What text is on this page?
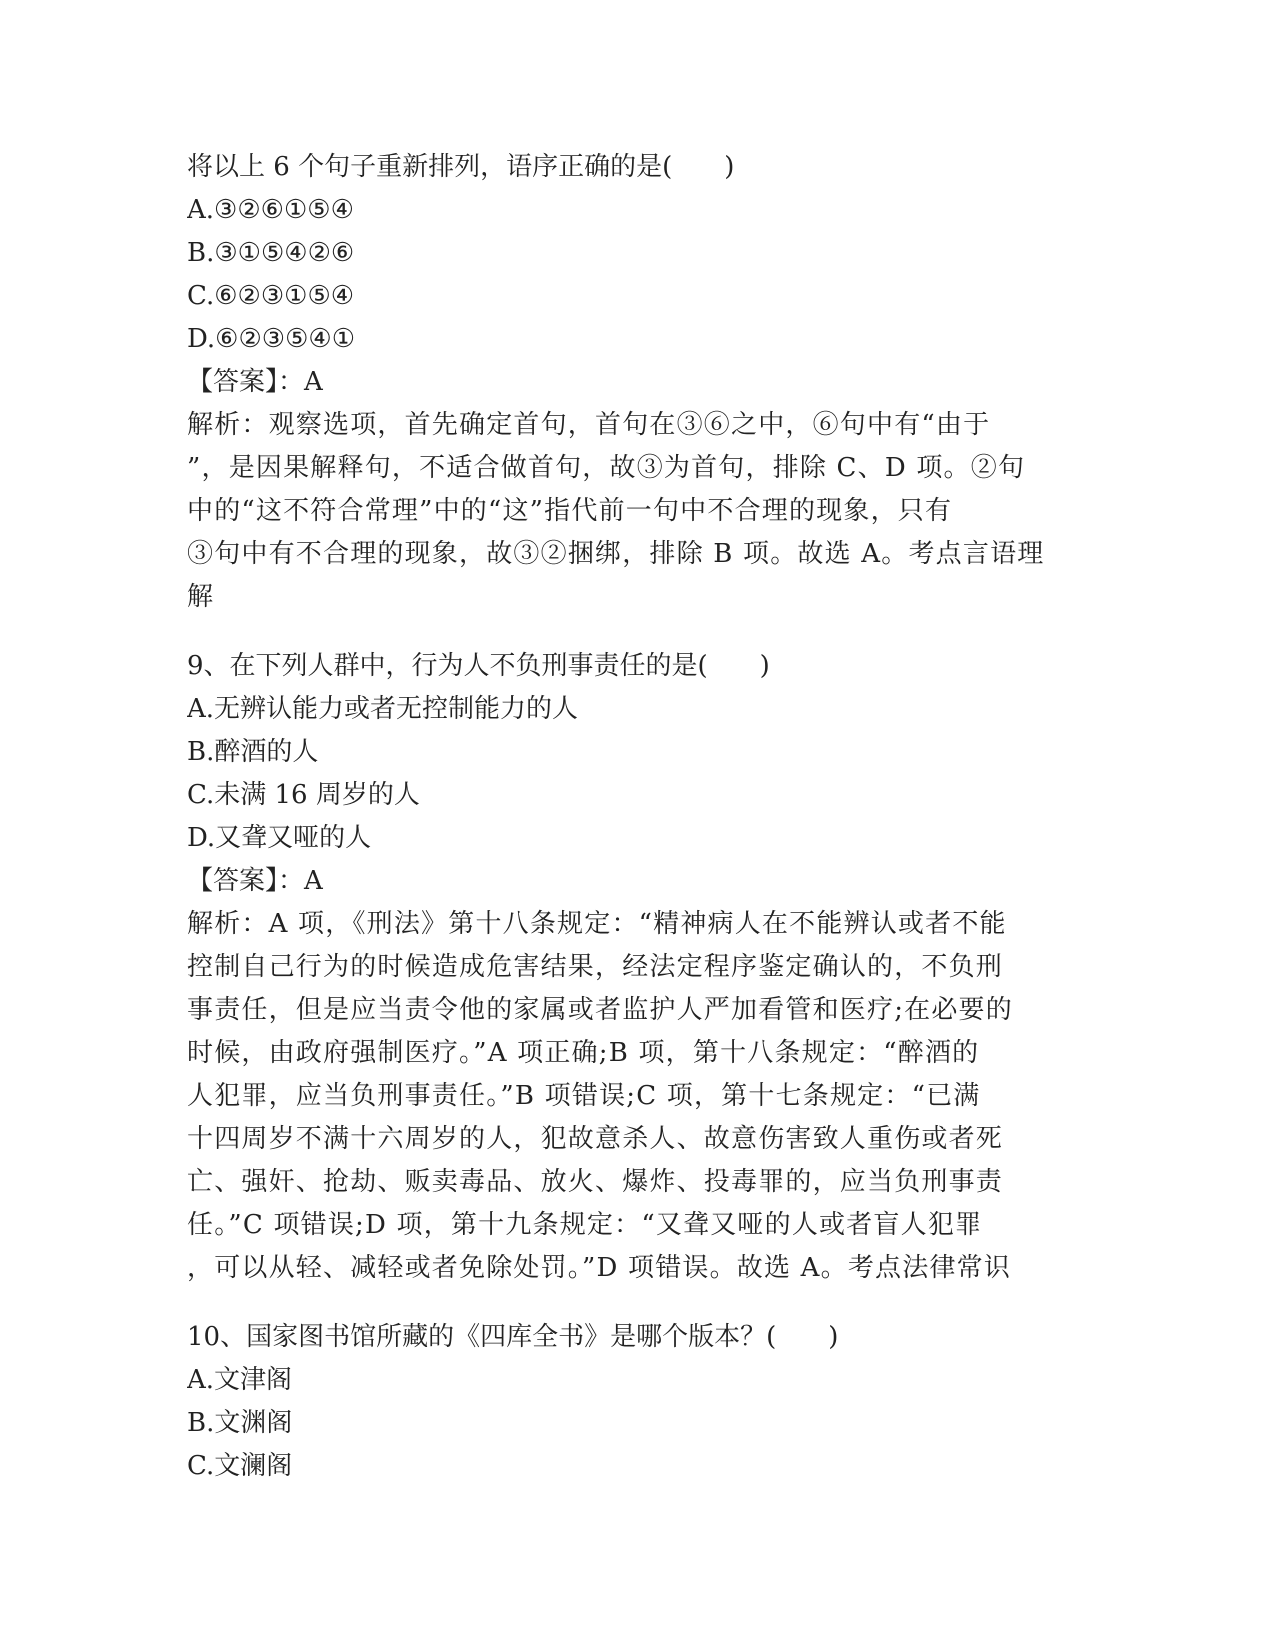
将以上 6 个句子重新排列，语序正确的是(　　)
A.③②⑥①⑤④
B.③①⑤④②⑥
C.⑥②③①⑤④
D.⑥②③⑤④①
【答案】：A
解析：观察选项，首先确定首句，首句在③⑥之中，⑥句中有“由于
”，是因果解释句，不适合做首句，故③为首句，排除 C、D 项。②句
中的“这不符合常理”中的“这”指代前一句中不合理的现象，只有
③句中有不合理的现象，故③②捆绑，排除 B 项。故选 A。考点言语理
解
9、在下列人群中，行为人不负刑事责任的是(　　)
A.无辨认能力或者无控制能力的人
B.醉酒的人
C.未满 16 周岁的人
D.又聋又哑的人
【答案】：A
解析：A 项，《刑法》第十八条规定：“精神病人在不能辨认或者不能
控制自己行为的时候造成危害结果，经法定程序鉴定确认的，不负刑
事责任，但是应当责令他的家属或者监护人严加看管和医疗;在必要的
时候，由政府强制医疗。”A 项正确;B 项，第十八条规定：“醉酒的
人犯罪，应当负刑事责任。”B 项错误;C 项，第十七条规定：“已满
十四周岁不满十六周岁的人，犯故意杀人、故意伤害致人重伤或者死
亡、强奸、抢劫、贩卖毒品、放火、爆炸、投毒罪的，应当负刑事责
任。”C 项错误;D 项，第十九条规定：“又聋又哑的人或者盲人犯罪
，可以从轻、减轻或者免除处罚。”D 项错误。故选 A。考点法律常识
10、国家图书馆所藏的《四库全书》是哪个版本？(　　)
A.文津阁
B.文渊阁
C.文澜阁
